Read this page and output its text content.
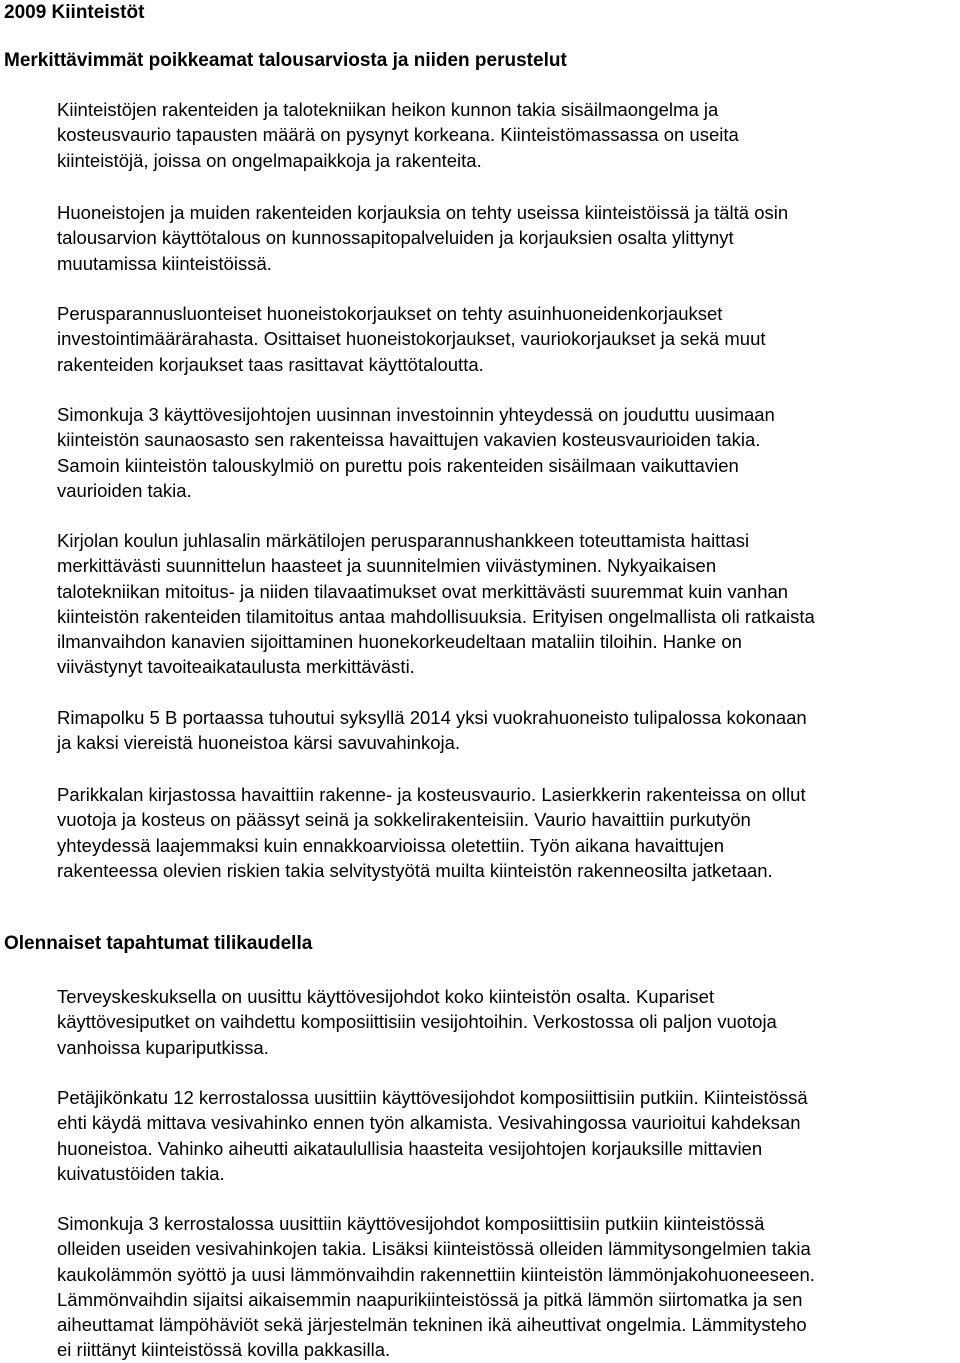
2009 Kiinteistöt
Merkittävimmät poikkeamat talousarviosta ja niiden perustelut

Kiinteistöjen rakenteiden ja talotekniikan heikon kunnon takia sisäilmaongelma ja
kosteusvaurio tapausten määrä on pysynyt korkeana. Kiinteistömassassa on useita
kiinteistöjä, joissa on ongelmapaikkoja ja rakenteita.

Huoneistojen ja muiden rakenteiden korjauksia on tehty useissa kiinteistöissä ja tältä osin
talousarvion käyttötalous on kunnossapitopalveluiden ja korjauksien osalta ylittynyt
muutamissa kiinteistöissä.

Perusparannusluonteiset huoneistokorjaukset on tehty asuinhuoneidenkorjaukset
investointimäärärahasta. Osittaiset huoneistokorjaukset, vauriokorjaukset ja sekä muut
rakenteiden korjaukset taas rasittavat käyttötaloutta.

Simonkuja 3 käyttövesijohtojen uusinnan investoinnin yhteydessä on jouduttu uusimaan
kiinteistön saunaosasto sen rakenteissa havaittujen vakavien kosteusvaurioiden takia.
Samoin kiinteistön talouskylmiö on purettu pois rakenteiden sisäilmaan vaikuttavien
vaurioiden takia.

Kirjolan koulun juhlasalin märkätilojen perusparannushankkeen toteuttamista haittasi
merkittävästi suunnittelun haasteet ja suunnitelmien viivästyminen. Nykyaikaisen
talotekniikan mitoitus- ja niiden tilavaatimukset ovat merkittävästi suuremmat kuin vanhan
kiinteistön rakenteiden tilamitoitus antaa mahdollisuuksia. Erityisen ongelmallista oli ratkaista
ilmanvaihdon kanavien sijoittaminen huonekorkeudeltaan mataliin tiloihin. Hanke on
viivästynyt tavoiteaikataulusta merkittävästi.

Rimapolku 5 B portaassa tuhoutui syksyllä 2014 yksi vuokrahuoneisto tulipalossa kokonaan
ja kaksi viereistä huoneistoa kärsi savuvahinkoja.

Parikkalan kirjastossa havaittiin rakenne- ja kosteusvaurio. Lasierkkerin rakenteissa on ollut
vuotoja ja kosteus on päässyt seinä ja sokkelirakenteisiin. Vaurio havaittiin purkutyön
yhteydessä laajemmaksi kuin ennakkoarvioissa oletettiin. Työn aikana havaittujen
rakenteessa olevien riskien takia selvitystyötä muilta kiinteistön rakenneosilta jatketaan.

Olennaiset tapahtumat tilikaudella

Terveyskeskuksella on uusittu käyttövesijohdot koko kiinteistön osalta. Kupariset
käyttövesiputket on vaihdettu komposiittisiin vesijohtoihin. Verkostossa oli paljon vuotoja
vanhoissa kupariputkissa.

Petäjikönkatu 12 kerrostalossa uusittiin käyttövesijohdot komposiittisiin putkiin. Kiinteistössä
ehti käydä mittava vesivahinko ennen työn alkamista. Vesivahingossa vaurioitui kahdeksan
huoneistoa. Vahinko aiheutti aikataulullisia haasteita vesijohtojen korjauksille mittavien
kuivatustöiden takia.

Simonkuja 3 kerrostalossa uusittiin käyttövesijohdot komposiittisiin putkiin kiinteistössä
olleiden useiden vesivahinkojen takia. Lisäksi kiinteistössä olleiden lämmitysongelmien takia
kaukolämmön syöttö ja uusi lämmönvaihdin rakennettiin kiinteistön lämmönjakohuoneeseen.
Lämmönvaihdin sijaitsi aikaisemmin naapurikiinteistössä ja pitkä lämmön siirtomatka ja sen
aiheuttamat lämpöhäviöt sekä järjestelmän tekninen ikä aiheuttivat ongelmia. Lämmitysteho
ei riittänyt kiinteistössä kovilla pakkasilla.
